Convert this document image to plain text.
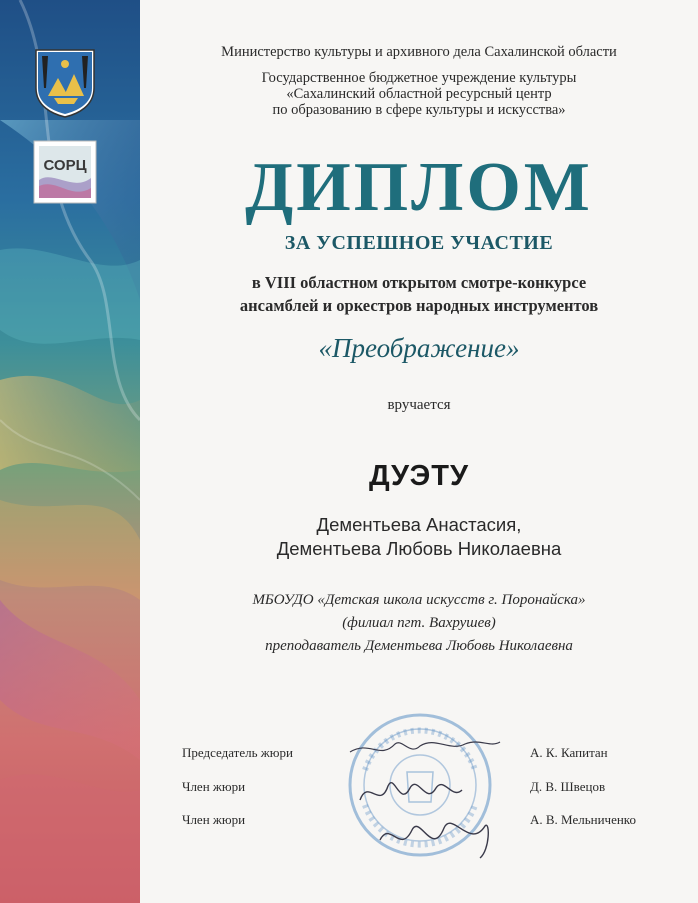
СОРЦ
Министерство культуры и архивного дела Сахалинской области
Государственное бюджетное учреждение культуры
«Сахалинский областной ресурсный центр
по образованию в сфере культуры и искусства»
ДИПЛОМ
ЗА УСПЕШНОЕ УЧАСТИЕ
в VIII областном открытом смотре-конкурсе
ансамблей и оркестров народных инструментов
«Преображение»
вручается
ДУЭТУ
Дементьева Анастасия,
Дементьева Любовь Николаевна
МБОУДО «Детская школа искусств г. Поронайска»
(филиал пгт. Вахрушев)
преподаватель Дементьева Любовь Николаевна
Председатель жюри	А. К. Капитан
Член жюри	Д. В. Швецов
Член жюри	А. В. Мельниченко
